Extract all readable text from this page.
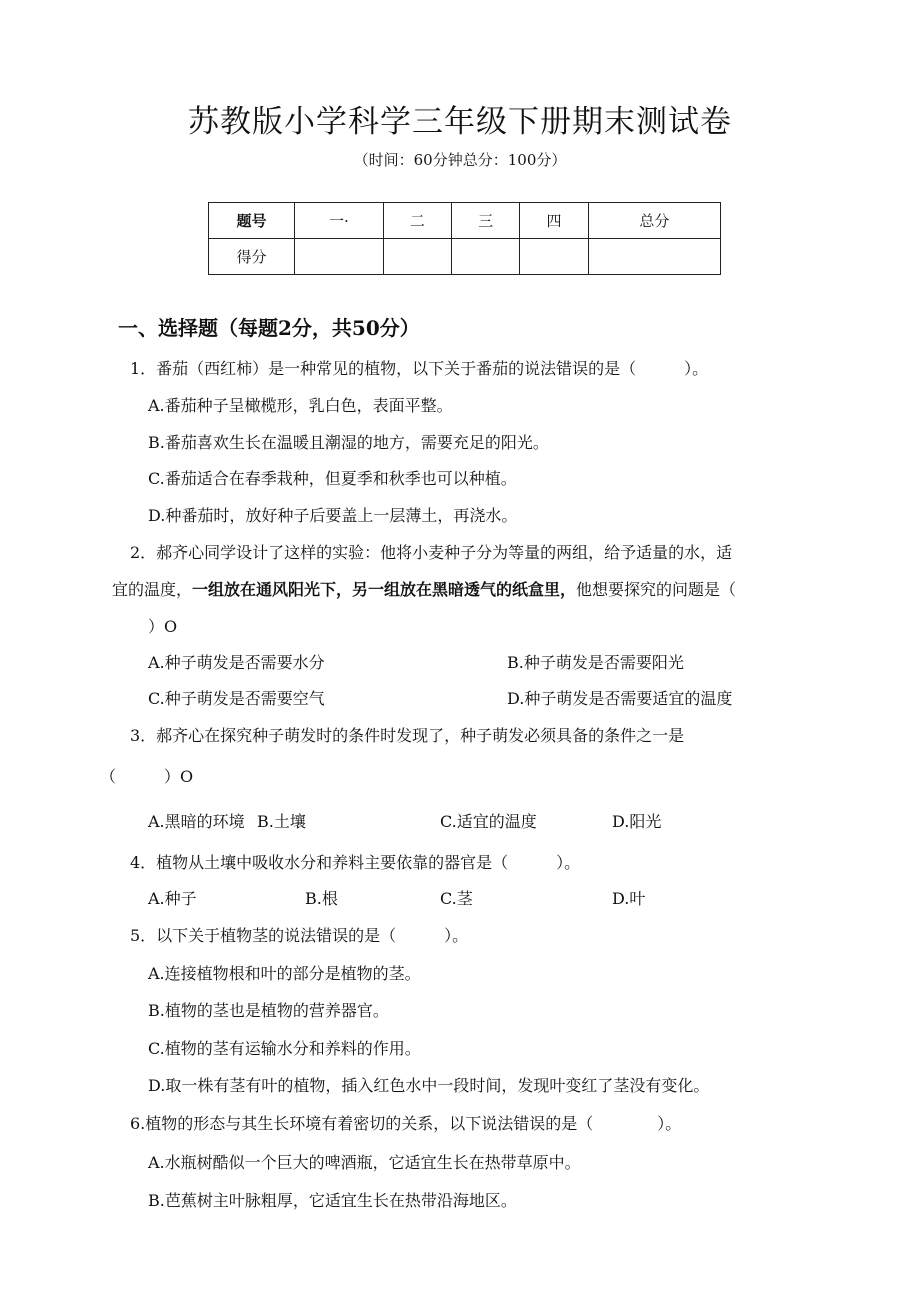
苏教版小学科学三年级下册期末测试卷
（时间：60分钟总分：100分）
题号	一·	二	三	四	总分
得分					
一、选择题（每题2分，共50分）
1．番茄（西红柿）是一种常见的植物，以下关于番茄的说法错误的是（　　　）。
A.番茄种子呈橄榄形，乳白色，表面平整。
B.番茄喜欢生长在温暖且潮湿的地方，需要充足的阳光。
C.番茄适合在春季栽种，但夏季和秋季也可以种植。
D.种番茄时，放好种子后要盖上一层薄土，再浇水。
2．郝齐心同学设计了这样的实验：他将小麦种子分为等量的两组，给予适量的水，适
宜的温度，一组放在通风阳光下，另一组放在黑暗透气的纸盒里，他想要探究的问题是（
）O
A.种子萌发是否需要水分	B.种子萌发是否需要阳光
C.种子萌发是否需要空气	D.种子萌发是否需要适宜的温度
3．郝齐心在探究种子萌发时的条件时发现了，种子萌发必须具备的条件之一是
（　　　）O
A.黑暗的环境 B.土壤	C.适宜的温度	D.阳光
4．植物从土壤中吸收水分和养料主要依靠的器官是（　　　）。
A.种子	B.根	C.茎	D.叶
5．以下关于植物茎的说法错误的是（　　　）。
A.连接植物根和叶的部分是植物的茎。
B.植物的茎也是植物的营养器官。
C.植物的茎有运输水分和养料的作用。
D.取一株有茎有叶的植物，插入红色水中一段时间，发现叶变红了茎没有变化。
6.植物的形态与其生长环境有着密切的关系，以下说法错误的是（　　　　）。
A.水瓶树酷似一个巨大的啤酒瓶，它适宜生长在热带草原中。
B.芭蕉树主叶脉粗厚，它适宜生长在热带沿海地区。
